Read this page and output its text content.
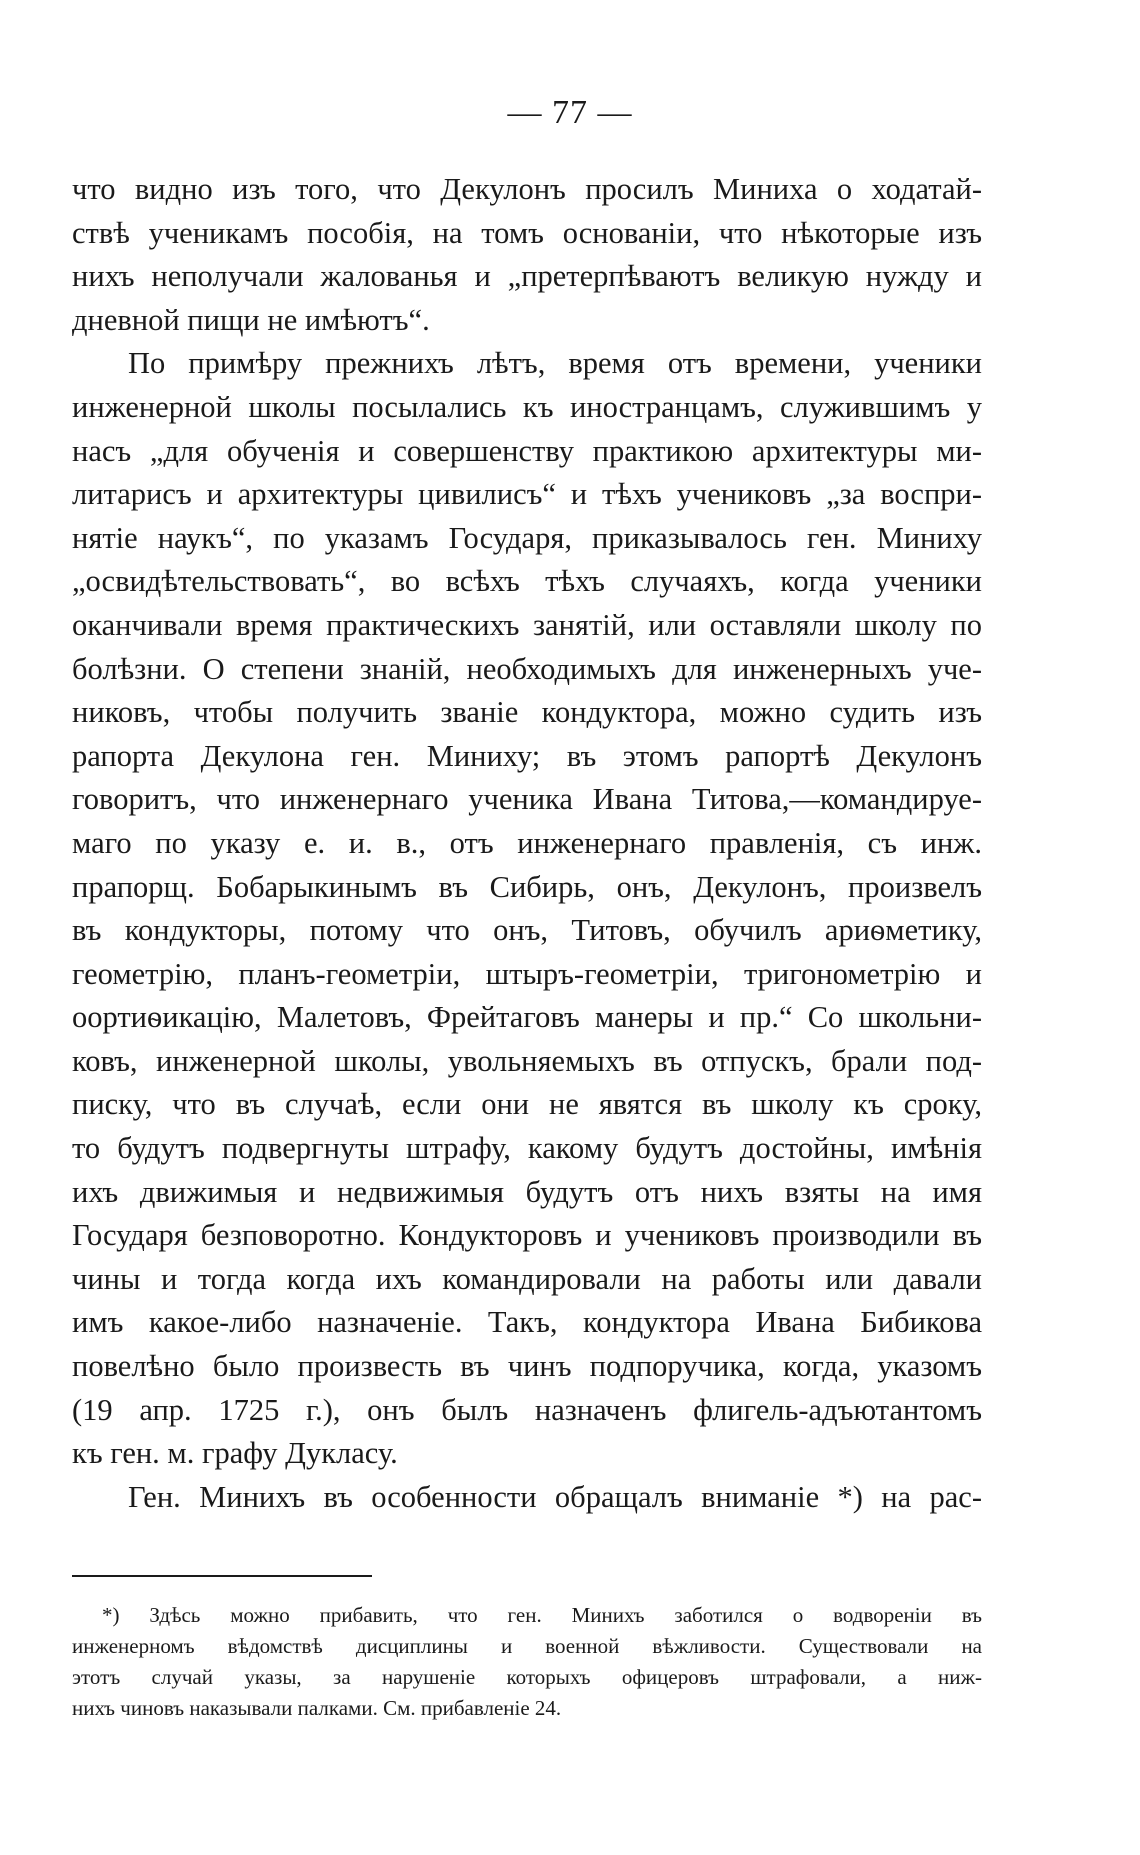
— 77 —
что видно изъ того, что Декулонъ просилъ Миниха о ходатай-
ствѣ ученикамъ пособія, на томъ основаніи, что нѣкоторые изъ
нихъ неполучали жалованья и „претерпѣваютъ великую нужду и
дневной пищи не имѣютъ“.
По примѣру прежнихъ лѣтъ, время отъ времени, ученики
инженерной школы посылались къ иностранцамъ, служившимъ у
насъ „для обученія и совершенству практикою архитектуры ми-
литарисъ и архитектуры цивилисъ“ и тѣхъ учениковъ „за воспри-
нятіе наукъ“, по указамъ Государя, приказывалось ген. Миниху
„освидѣтельствовать“, во всѣхъ тѣхъ случаяхъ, когда ученики
оканчивали время практическихъ занятій, или оставляли школу по
болѣзни. О степени знаній, необходимыхъ для инженерныхъ уче-
никовъ, чтобы получить званіе кондуктора, можно судить изъ
рапорта Декулона ген. Миниху; въ этомъ рапортѣ Декулонъ
говоритъ, что инженернаго ученика Ивана Титова,—командируе-
маго по указу е. и. в., отъ инженернаго правленія, съ инж.
прапорщ. Бобарыкинымъ въ Сибирь, онъ, Декулонъ, произвелъ
въ кондукторы, потому что онъ, Титовъ, обучилъ ариѳметику,
геометрію, планъ-геометріи, штыръ-геометріи, тригонометрію и
оортиѳикацію, Малетовъ, Фрейтаговъ манеры и пр.“ Со школьни-
ковъ, инженерной школы, увольняемыхъ въ отпускъ, брали под-
писку, что въ случаѣ, если они не явятся въ школу къ сроку,
то будутъ подвергнуты штрафу, какому будутъ достойны, имѣнія
ихъ движимыя и недвижимыя будутъ отъ нихъ взяты на имя
Государя безповоротно. Кондукторовъ и учениковъ производили въ
чины и тогда когда ихъ командировали на работы или давали
имъ какое-либо назначеніе. Такъ, кондуктора Ивана Бибикова
повелѣно было произвесть въ чинъ подпоручика, когда, указомъ
(19 апр. 1725 г.), онъ былъ назначенъ флигель-адъютантомъ
къ ген. м. графу Дукласу.
Ген. Минихъ въ особенности обращалъ вниманіе *) на рас-
*) Здѣсь можно прибавить, что ген. Минихъ заботился о водвореніи въ
инженерномъ вѣдомствѣ дисциплины и военной вѣжливости. Существовали на
этотъ случай указы, за нарушеніе которыхъ офицеровъ штрафовали, а ниж-
нихъ чиновъ наказывали палками. См. прибавленіе 24.
